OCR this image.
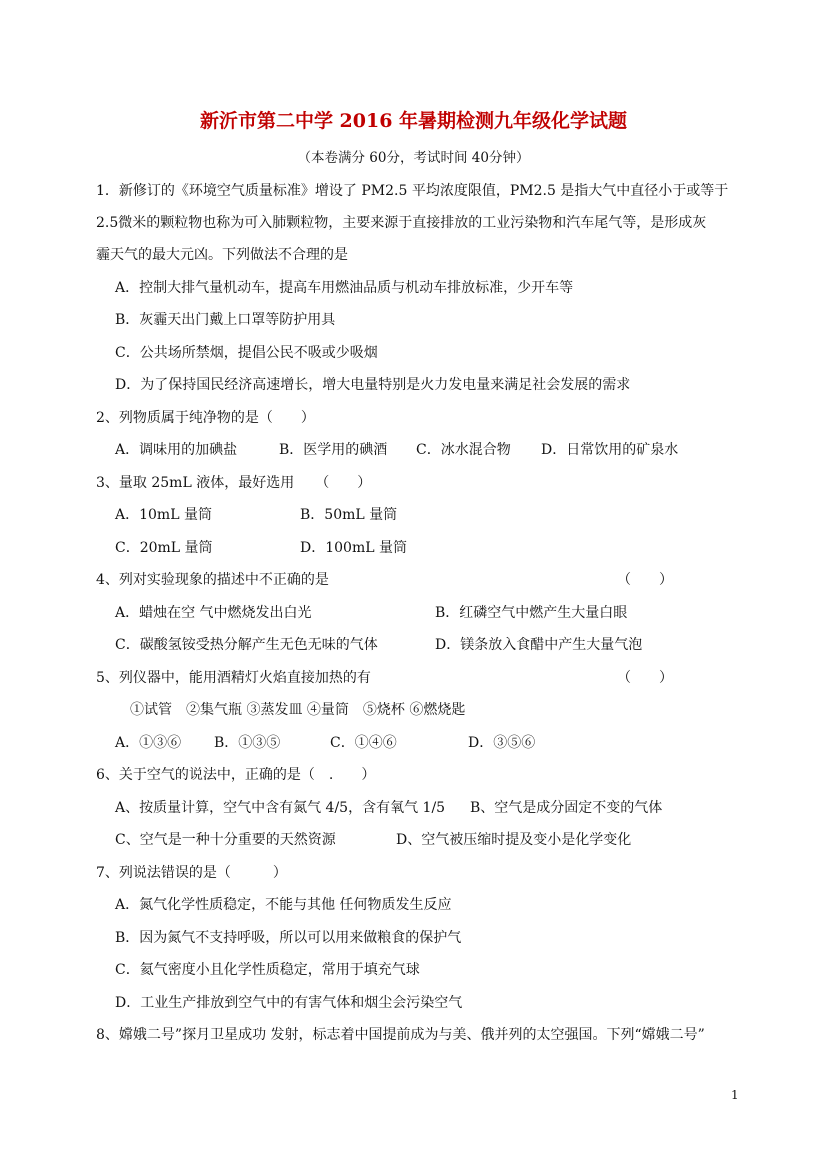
新沂市第二中学 2016 年暑期检测九年级化学试题
（本卷满分 60分，考试时间 40分钟）
1．新修订的《环境空气质量标准》增设了 PM2.5 平均浓度限值，PM2.5 是指大气中直径小于或等于
2.5微米的颗粒物也称为可入肺颗粒物，主要来源于直接排放的工业污染物和汽车尾气等，是形成灰
霾天气的最大元凶。下列做法不合理的是
A．控制大排气量机动车，提高车用燃油品质与机动车排放标准，少开车等
B．灰霾天出门戴上口罩等防护用具
C．公共场所禁烟，提倡公民不吸或少吸烟
D．为了保持国民经济高速增长，增大电量特别是火力发电量来满足社会发展的需求
2、列物质属于纯净物的是（　　）
A．调味用的加碘盐	B．医学用的碘酒 C．冰水混合物 D．日常饮用的矿泉水
3、量取 25mL 液体，最好选用　　（　　）
A．10mL 量筒	B．50mL 量筒
C．20mL 量筒	D．100mL 量筒
4、列对实验现象的描述中不正确的是	（　　）
A．蜡烛在空 气中燃烧发出白光	B．红磷空气中燃产生大量白眼
C．碳酸氢铵受热分解产生无色无味的气体	D．镁条放入食醋中产生大量气泡
5、列仪器中，能用酒精灯火焰直接加热的有	（　　）
①试管　②集气瓶 ③蒸发皿 ④量筒　⑤烧杯 ⑥燃烧匙
A．①③⑥ B．①③⑤	C．①④⑥	D．③⑤⑥
6、关于空气的说法中，正确的是（　.　　）
A、按质量计算，空气中含有氮气 4/5，含有氧气 1/5 B、空气是成分固定不变的气体
C、空气是一种十分重要的天然资源	D、空气被压缩时提及变小是化学变化
7、列说法错误的是（　　　）
A．氮气化学性质稳定，不能与其他 任何物质发生反应
B．因为氮气不支持呼吸，所以可以用来做粮食的保护气
C．氦气密度小且化学性质稳定，常用于填充气球
D．工业生产排放到空气中的有害气体和烟尘会污染空气
8、嫦娥二号”探月卫星成功 发射，标志着中国提前成为与美、俄并列的太空强国。下列“嫦娥二号”
1
